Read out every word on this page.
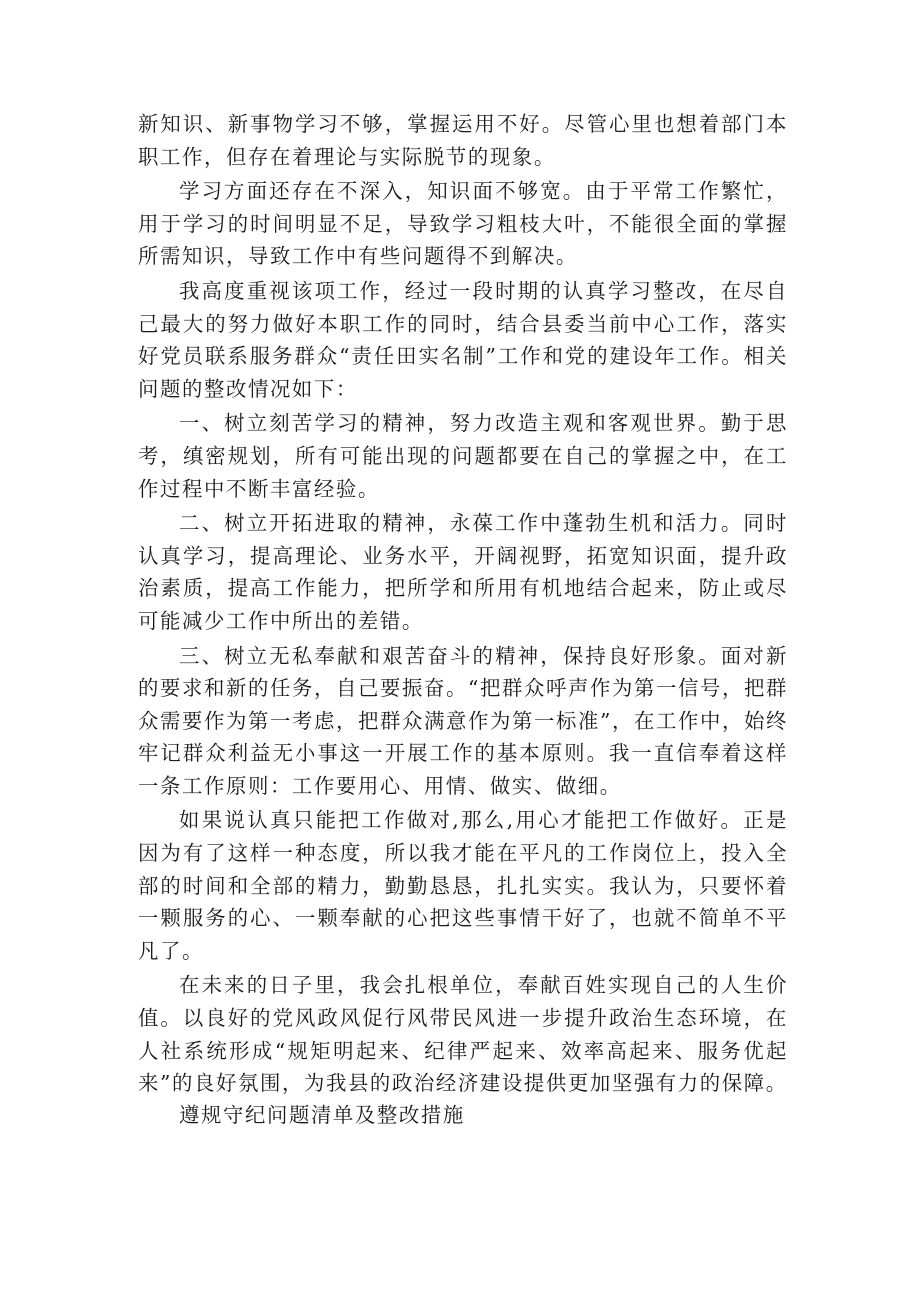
新知识、新事物学习不够，掌握运用不好。尽管心里也想着部门本职工作，但存在着理论与实际脱节的现象。

学习方面还存在不深入，知识面不够宽。由于平常工作繁忙，用于学习的时间明显不足，导致学习粗枝大叶，不能很全面的掌握所需知识，导致工作中有些问题得不到解决。

我高度重视该项工作，经过一段时期的认真学习整改，在尽自己最大的努力做好本职工作的同时，结合县委当前中心工作，落实好党员联系服务群众“责任田实名制”工作和党的建设年工作。相关问题的整改情况如下：

一、树立刻苦学习的精神，努力改造主观和客观世界。勤于思考，缜密规划，所有可能出现的问题都要在自己的掌握之中，在工作过程中不断丰富经验。

二、树立开拓进取的精神，永葆工作中蓬勃生机和活力。同时认真学习，提高理论、业务水平，开阔视野，拓宽知识面，提升政治素质，提高工作能力，把所学和所用有机地结合起来，防止或尽可能减少工作中所出的差错。

三、树立无私奉献和艰苦奋斗的精神，保持良好形象。面对新的要求和新的任务，自己要振奋。“把群众呼声作为第一信号，把群众需要作为第一考虑，把群众满意作为第一标准”，在工作中，始终牢记群众利益无小事这一开展工作的基本原则。我一直信奉着这样一条工作原则：工作要用心、用情、做实、做细。

如果说认真只能把工作做对,那么,用心才能把工作做好。正是因为有了这样一种态度，所以我才能在平凡的工作岗位上，投入全部的时间和全部的精力，勤勤恳恳，扎扎实实。我认为，只要怀着一颗服务的心、一颗奉献的心把这些事情干好了，也就不简单不平凡了。

在未来的日子里，我会扎根单位，奉献百姓实现自己的人生价值。以良好的党风政风促行风带民风进一步提升政治生态环境，在人社系统形成“规矩明起来、纪律严起来、效率高起来、服务优起来”的良好氛围，为我县的政治经济建设提供更加坚强有力的保障。

遵规守纪问题清单及整改措施
